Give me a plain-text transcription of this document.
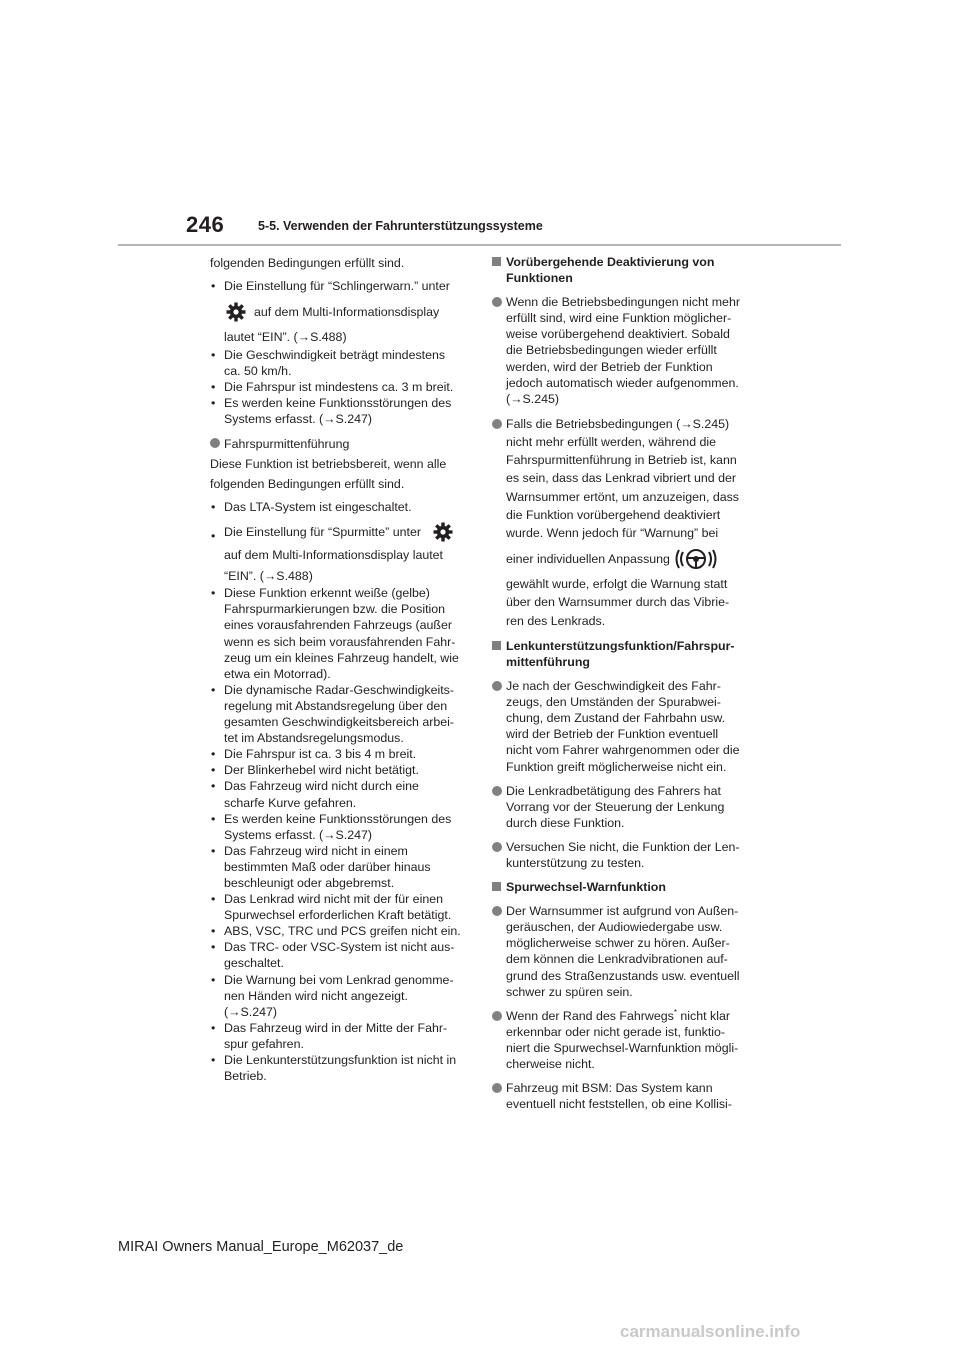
246	5-5. Verwenden der Fahrunterstützungssysteme

folgenden Bedingungen erfüllt sind.

• Die Einstellung für “Schlingerwarn.” unter
auf dem Multi-Informationsdisplay
lautet “EIN”. (→S.488)
• Die Geschwindigkeit beträgt mindestens
ca. 50 km/h.
• Die Fahrspur ist mindestens ca. 3 m breit.
• Es werden keine Funktionsstörungen des
Systems erfasst. (→S.247)
Fahrspurmittenführung

Diese Funktion ist betriebsbereit, wenn alle

folgenden Bedingungen erfüllt sind.

• Das LTA-System ist eingeschaltet.
• Die Einstellung für “Spurmitte” unter
auf dem Multi-Informationsdisplay lautet
“EIN”. (→S.488)
• Diese Funktion erkennt weiße (gelbe)
Fahrspurmarkierungen bzw. die Position
eines vorausfahrenden Fahrzeugs (außer
wenn es sich beim vorausfahrenden Fahr-
zeug um ein kleines Fahrzeug handelt, wie
etwa ein Motorrad).
• Die dynamische Radar-Geschwindigkeits-
regelung mit Abstandsregelung über den
gesamten Geschwindigkeitsbereich arbei-
tet im Abstandsregelungsmodus.
• Die Fahrspur ist ca. 3 bis 4 m breit.
• Der Blinkerhebel wird nicht betätigt.
• Das Fahrzeug wird nicht durch eine
scharfe Kurve gefahren.
• Es werden keine Funktionsstörungen des
Systems erfasst. (→S.247)
• Das Fahrzeug wird nicht in einem
bestimmten Maß oder darüber hinaus
beschleunigt oder abgebremst.
• Das Lenkrad wird nicht mit der für einen
Spurwechsel erforderlichen Kraft betätigt.
• ABS, VSC, TRC und PCS greifen nicht ein.
• Das TRC- oder VSC-System ist nicht aus-
geschaltet.
• Die Warnung bei vom Lenkrad genomme-
nen Händen wird nicht angezeigt.
(→S.247)
• Das Fahrzeug wird in der Mitte der Fahr-
spur gefahren.
• Die Lenkunterstützungsfunktion ist nicht in
Betrieb.
Vorübergehende Deaktivierung von
Funktionen
Wenn die Betriebsbedingungen nicht mehr
erfüllt sind, wird eine Funktion möglicher-
weise vorübergehend deaktiviert. Sobald
die Betriebsbedingungen wieder erfüllt
werden, wird der Betrieb der Funktion
jedoch automatisch wieder aufgenommen.
(→S.245)
Falls die Betriebsbedingungen (→S.245)
nicht mehr erfüllt werden, während die
Fahrspurmittenführung in Betrieb ist, kann
es sein, dass das Lenkrad vibriert und der
Warnsummer ertönt, um anzuzeigen, dass
die Funktion vorübergehend deaktiviert
wurde. Wenn jedoch für “Warnung” bei
einer individuellen Anpassung
gewählt wurde, erfolgt die Warnung statt
über den Warnsummer durch das Vibrie-
ren des Lenkrads.
Lenkunterstützungsfunktion/Fahrspur-
mittenführung
Je nach der Geschwindigkeit des Fahr-
zeugs, den Umständen der Spurabwei-
chung, dem Zustand der Fahrbahn usw.
wird der Betrieb der Funktion eventuell
nicht vom Fahrer wahrgenommen oder die
Funktion greift möglicherweise nicht ein.
Die Lenkradbetätigung des Fahrers hat
Vorrang vor der Steuerung der Lenkung
durch diese Funktion.
Versuchen Sie nicht, die Funktion der Len-
kunterstützung zu testen.
Spurwechsel-Warnfunktion
Der Warnsummer ist aufgrund von Außen-
geräuschen, der Audiowiedergabe usw.
möglicherweise schwer zu hören. Außer-
dem können die Lenkradvibrationen auf-
grund des Straßenzustands usw. eventuell
schwer zu spüren sein.
Wenn der Rand des Fahrwegs* nicht klar
erkennbar oder nicht gerade ist, funktio-
niert die Spurwechsel-Warnfunktion mögli-
cherweise nicht.
Fahrzeug mit BSM: Das System kann
eventuell nicht feststellen, ob eine Kollisi-
MIRAI Owners Manual_Europe_M62037_de
carmanualsonline.info
